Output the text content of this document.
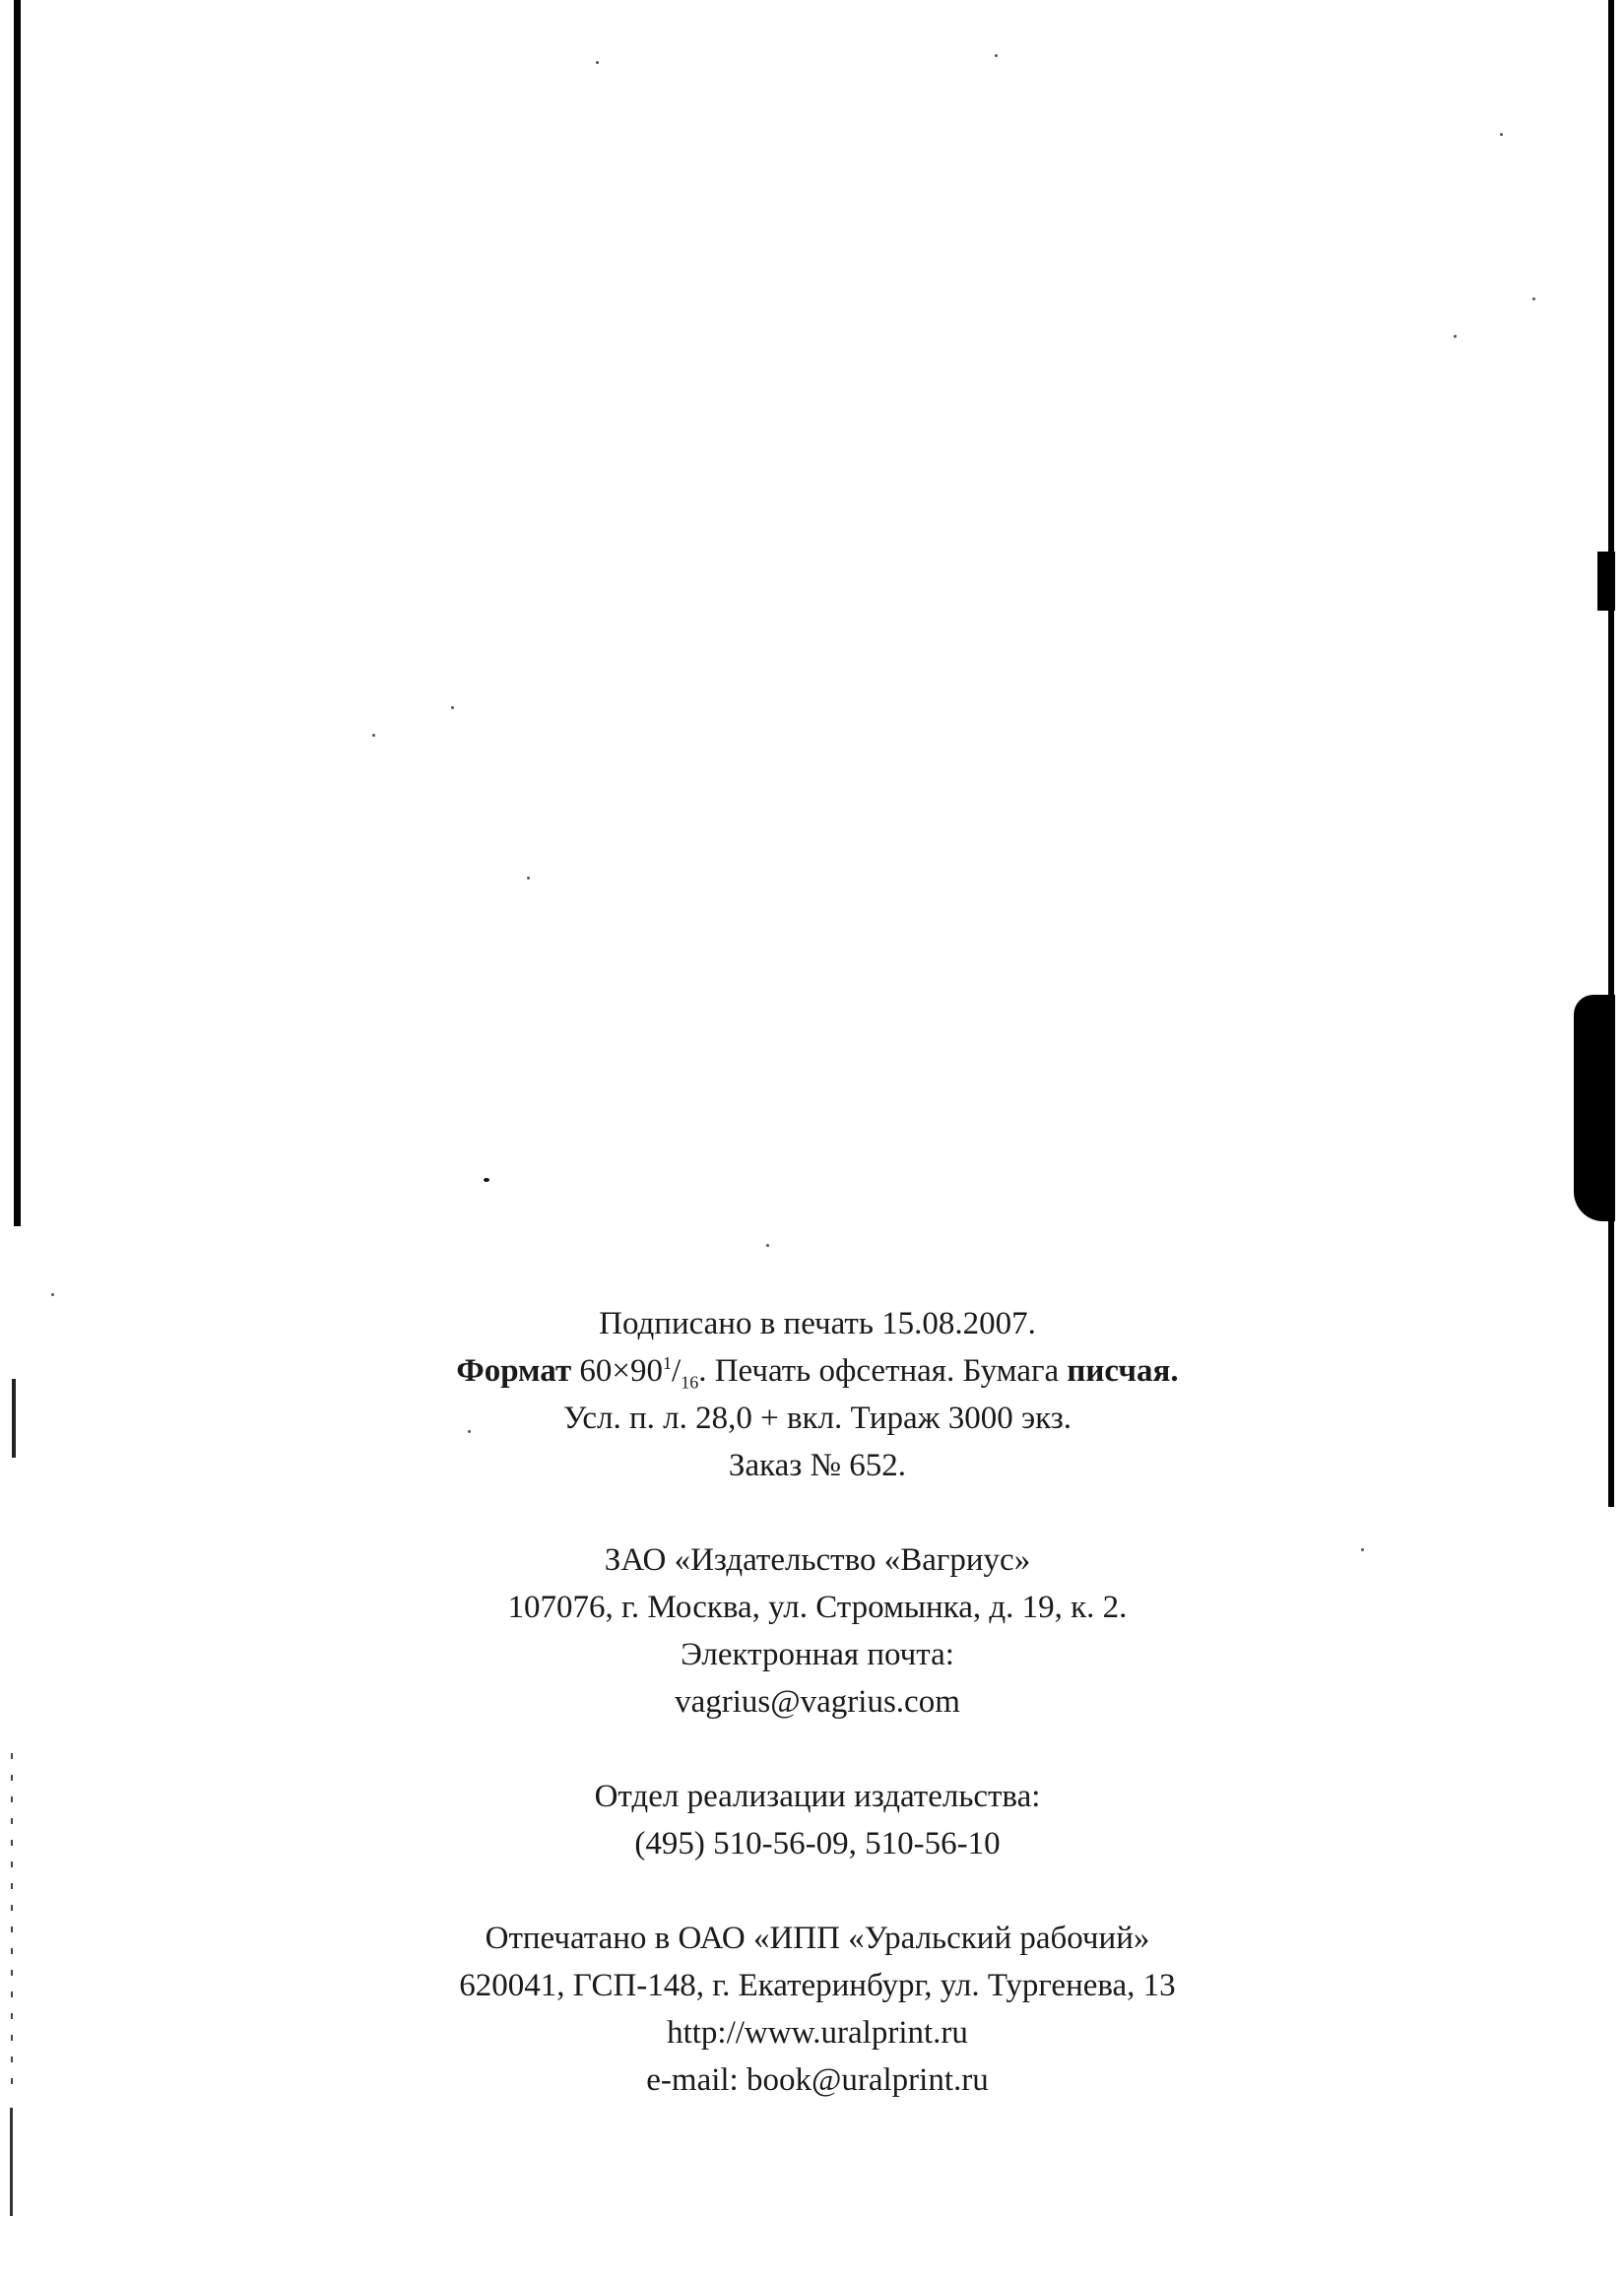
Подписано в печать 15.08.2007.
Формат $60\times 90^1/_{16}$. Печать офсетная. Бумага писчая.
Усл. п. л. 28,0 + вкл. Тираж 3000 экз.
Заказ № 652.
ЗАО «Издательство «Вагриус»
107076, г. Москва, ул. Стромынка, д. 19, к. 2.
Электронная почта:
vagrius@vagrius.com
Отдел реализации издательства:
(495) 510-56-09, 510-56-10
Отпечатано в ОАО «ИПП «Уральский рабочий»
620041, ГСП-148, г. Екатеринбург, ул. Тургенева, 13
http://www.uralprint.ru
e-mail: book@uralprint.ru
